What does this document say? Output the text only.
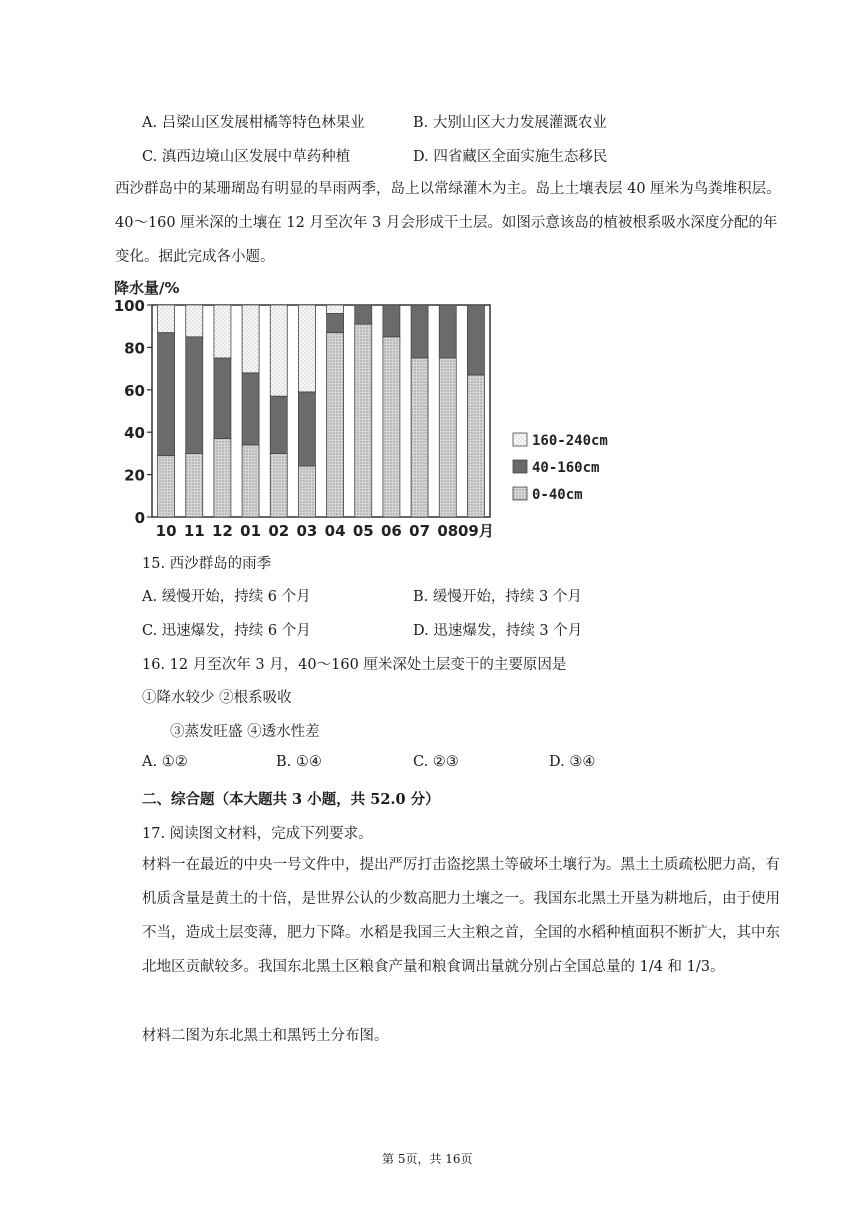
A. 吕梁山区发展柑橘等特色林果业	B. 大别山区大力发展灌溉农业
C. 滇西边境山区发展中草药种植	D. 四省藏区全面实施生态移民
西沙群岛中的某珊瑚岛有明显的旱雨两季，岛上以常绿灌木为主。岛上土壤表层 40 厘米为鸟粪堆积层。40～160 厘米深的土壤在 12 月至次年 3 月会形成干土层。如图示意该岛的植被根系吸水深度分配的年变化。据此完成各小题。
降水量/%
0
20
40
60
80
100
10 11 12 01 02 03 04 05 06 07 08 09月
160-240cm
40-160cm
0-40cm
15. 西沙群岛的雨季
A. 缓慢开始，持续 6 个月	B. 缓慢开始，持续 3 个月
C. 迅速爆发，持续 6 个月	D. 迅速爆发，持续 3 个月
16. 12 月至次年 3 月，40～160 厘米深处土层变干的主要原因是
①降水较少 ②根系吸收
③蒸发旺盛 ④透水性差
A. ①②	B. ①④	C. ②③	D. ③④
二、综合题（本大题共 3 小题，共 52.0 分）
17. 阅读图文材料，完成下列要求。
材料一在最近的中央一号文件中，提出严厉打击盗挖黑土等破坏土壤行为。黑土土质疏松肥力高，有机质含量是黄土的十倍，是世界公认的少数高肥力土壤之一。我国东北黑土开垦为耕地后，由于使用不当，造成土层变薄，肥力下降。水稻是我国三大主粮之首，全国的水稻种植面积不断扩大，其中东北地区贡献较多。我国东北黑土区粮食产量和粮食调出量就分别占全国总量的 1/4 和 1/3。
材料二图为东北黑土和黑钙土分布图。
第 5页，共 16页
